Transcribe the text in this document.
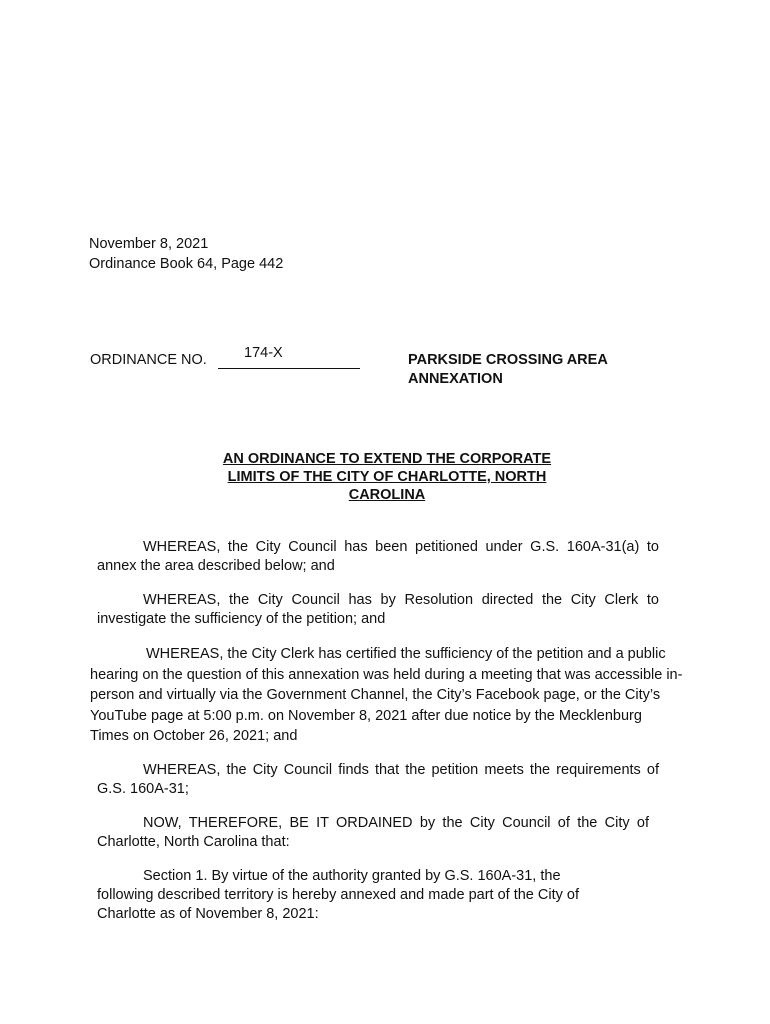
November 8, 2021
Ordinance Book 64, Page 442
ORDINANCE NO.	174-X	PARKSIDE CROSSING AREA
ANNEXATION
AN ORDINANCE TO EXTEND THE CORPORATE
LIMITS OF THE CITY OF CHARLOTTE, NORTH
CAROLINA
WHEREAS, the City Council has been petitioned under G.S. 160A-31(a) to annex the area described below; and
WHEREAS, the City Council has by Resolution directed the City Clerk to investigate the sufficiency of the petition; and
WHEREAS, the City Clerk has certified the sufficiency of the petition and a public hearing on the question of this annexation was held during a meeting that was accessible in-person and virtually via the Government Channel, the City’s Facebook page, or the City’s YouTube page at 5:00 p.m. on November 8, 2021 after due notice by the Mecklenburg Times on October 26, 2021; and
WHEREAS, the City Council finds that the petition meets the requirements of G.S. 160A-31;
NOW, THEREFORE, BE IT ORDAINED by the City Council of the City of Charlotte, North Carolina that:
Section 1. By virtue of the authority granted by G.S. 160A-31, the following described territory is hereby annexed and made part of the City of Charlotte as of November 8, 2021:
